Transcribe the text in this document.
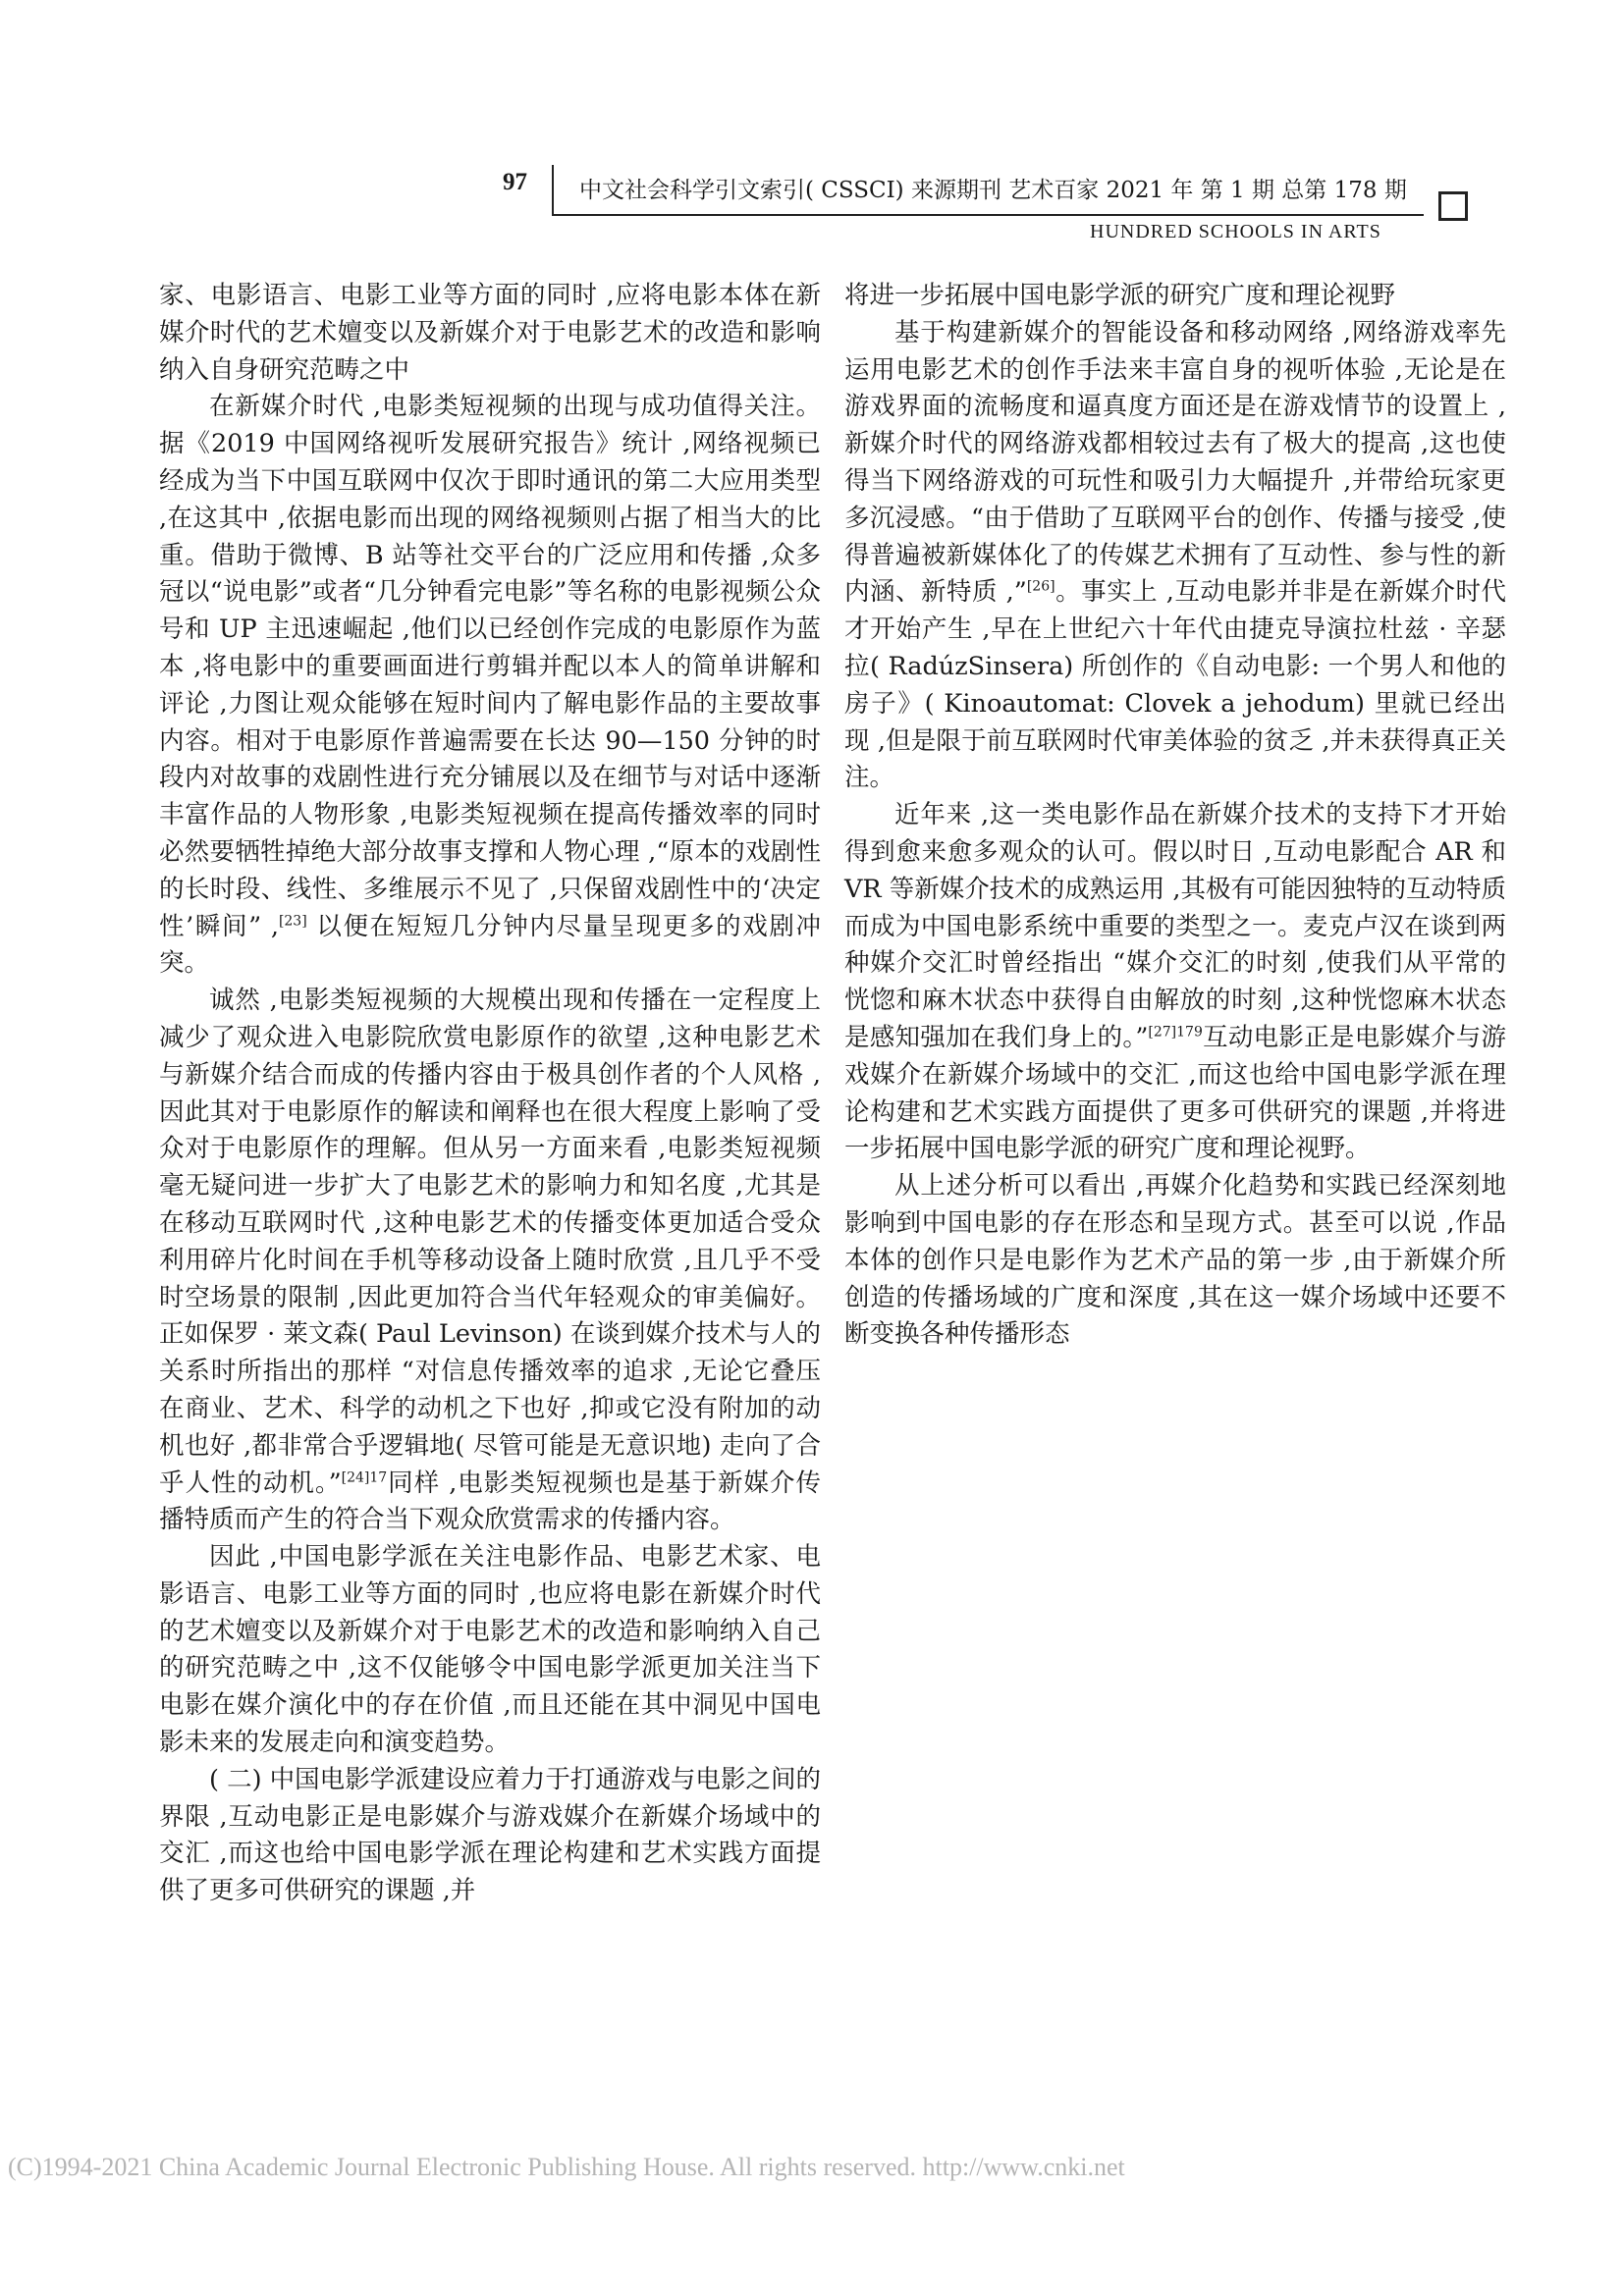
97 中文社会科学引文索引( CSSCI) 来源期刊 艺术百家 2021 年 第 1 期 总第 178 期
HUNDRED SCHOOLS IN ARTS

家、电影语言、电影工业等方面的同时 ,应将电影本体在新媒介时代的艺术嬗变以及新媒介对于电影艺术的改造和影响纳入自身研究范畴之中

在新媒介时代 ,电影类短视频的出现与成功值得关注。据《2019 中国网络视听发展研究报告》统计 ,网络视频已经成为当下中国互联网中仅次于即时通讯的第二大应用类型 ,在这其中 ,依据电影而出现的网络视频则占据了相当大的比重。借助于微博、B 站等社交平台的广泛应用和传播 ,众多冠以“说电影”或者“几分钟看完电影”等名称的电影视频公众号和 UP 主迅速崛起 ,他们以已经创作完成的电影原作为蓝本 ,将电影中的重要画面进行剪辑并配以本人的简单讲解和评论 ,力图让观众能够在短时间内了解电影作品的主要故事内容。相对于电影原作普遍需要在长达 90—150 分钟的时段内对故事的戏剧性进行充分铺展以及在细节与对话中逐渐丰富作品的人物形象 ,电影类短视频在提高传播效率的同时必然要牺牲掉绝大部分故事支撑和人物心理 ,“原本的戏剧性的长时段、线性、多维展示不见了 ,只保留戏剧性中的‘决定性’瞬间” ,[23] 以便在短短几分钟内尽量呈现更多的戏剧冲突。

诚然 ,电影类短视频的大规模出现和传播在一定程度上减少了观众进入电影院欣赏电影原作的欲望 ,这种电影艺术与新媒介结合而成的传播内容由于极具创作者的个人风格 ,因此其对于电影原作的解读和阐释也在很大程度上影响了受众对于电影原作的理解。但从另一方面来看 ,电影类短视频毫无疑问进一步扩大了电影艺术的影响力和知名度 ,尤其是在移动互联网时代 ,这种电影艺术的传播变体更加适合受众利用碎片化时间在手机等移动设备上随时欣赏 ,且几乎不受时空场景的限制 ,因此更加符合当代年轻观众的审美偏好。正如保罗 · 莱文森( Paul Levinson) 在谈到媒介技术与人的关系时所指出的那样 “对信息传播效率的追求 ,无论它叠压在商业、艺术、科学的动机之下也好 ,抑或它没有附加的动机也好 ,都非常合乎逻辑地( 尽管可能是无意识地) 走向了合乎人性的动机。”$^{[24]17}$同样 ,电影类短视频也是基于新媒介传播特质而产生的符合当下观众欣赏需求的传播内容。

因此 ,中国电影学派在关注电影作品、电影艺术家、电影语言、电影工业等方面的同时 ,也应将电影在新媒介时代的艺术嬗变以及新媒介对于电影艺术的改造和影响纳入自己的研究范畴之中 ,这不仅能够令中国电影学派更加关注当下电影在媒介演化中的存在价值 ,而且还能在其中洞见中国电影未来的发展走向和演变趋势。

( 二) 中国电影学派建设应着力于打通游戏与电影之间的界限 ,互动电影正是电影媒介与游戏媒介在新媒介场域中的交汇 ,而这也给中国电影学派在理论构建和艺术实践方面提供了更多可供研究的课题 ,并

将进一步拓展中国电影学派的研究广度和理论视野

基于构建新媒介的智能设备和移动网络 ,网络游戏率先运用电影艺术的创作手法来丰富自身的视听体验 ,无论是在游戏界面的流畅度和逼真度方面还是在游戏情节的设置上 ,新媒介时代的网络游戏都相较过去有了极大的提高 ,这也使得当下网络游戏的可玩性和吸引力大幅提升 ,并带给玩家更多沉浸感。“由于借助了互联网平台的创作、传播与接受 ,使得普遍被新媒体化了的传媒艺术拥有了互动性、参与性的新内涵、新特质 ,”[26]。事实上 ,互动电影并非是在新媒介时代才开始产生 ,早在上世纪六十年代由捷克导演拉杜兹 · 辛瑟拉( RadúzSinsera) 所创作的《自动电影: 一个男人和他的房子》( Kinoautomat: Clovek a jehodum) 里就已经出现 ,但是限于前互联网时代审美体验的贫乏 ,并未获得真正关注。

近年来 ,这一类电影作品在新媒介技术的支持下才开始得到愈来愈多观众的认可。假以时日 ,互动电影配合 AR 和 VR 等新媒介技术的成熟运用 ,其极有可能因独特的互动特质而成为中国电影系统中重要的类型之一。麦克卢汉在谈到两种媒介交汇时曾经指出 “媒介交汇的时刻 ,使我们从平常的恍惚和麻木状态中获得自由解放的时刻 ,这种恍惚麻木状态是感知强加在我们身上的。”$^{[27]179}$互动电影正是电影媒介与游戏媒介在新媒介场域中的交汇 ,而这也给中国电影学派在理论构建和艺术实践方面提供了更多可供研究的课题 ,并将进一步拓展中国电影学派的研究广度和理论视野。

从上述分析可以看出 ,再媒介化趋势和实践已经深刻地影响到中国电影的存在形态和呈现方式。甚至可以说 ,作品本体的创作只是电影作为艺术产品的第一步 ,由于新媒介所创造的传播场域的广度和深度 ,其在这一媒介场域中还要不断变换各种传播形态

(C)1994-2021 China Academic Journal Electronic Publishing House. All rights reserved. http://www.cnki.net
